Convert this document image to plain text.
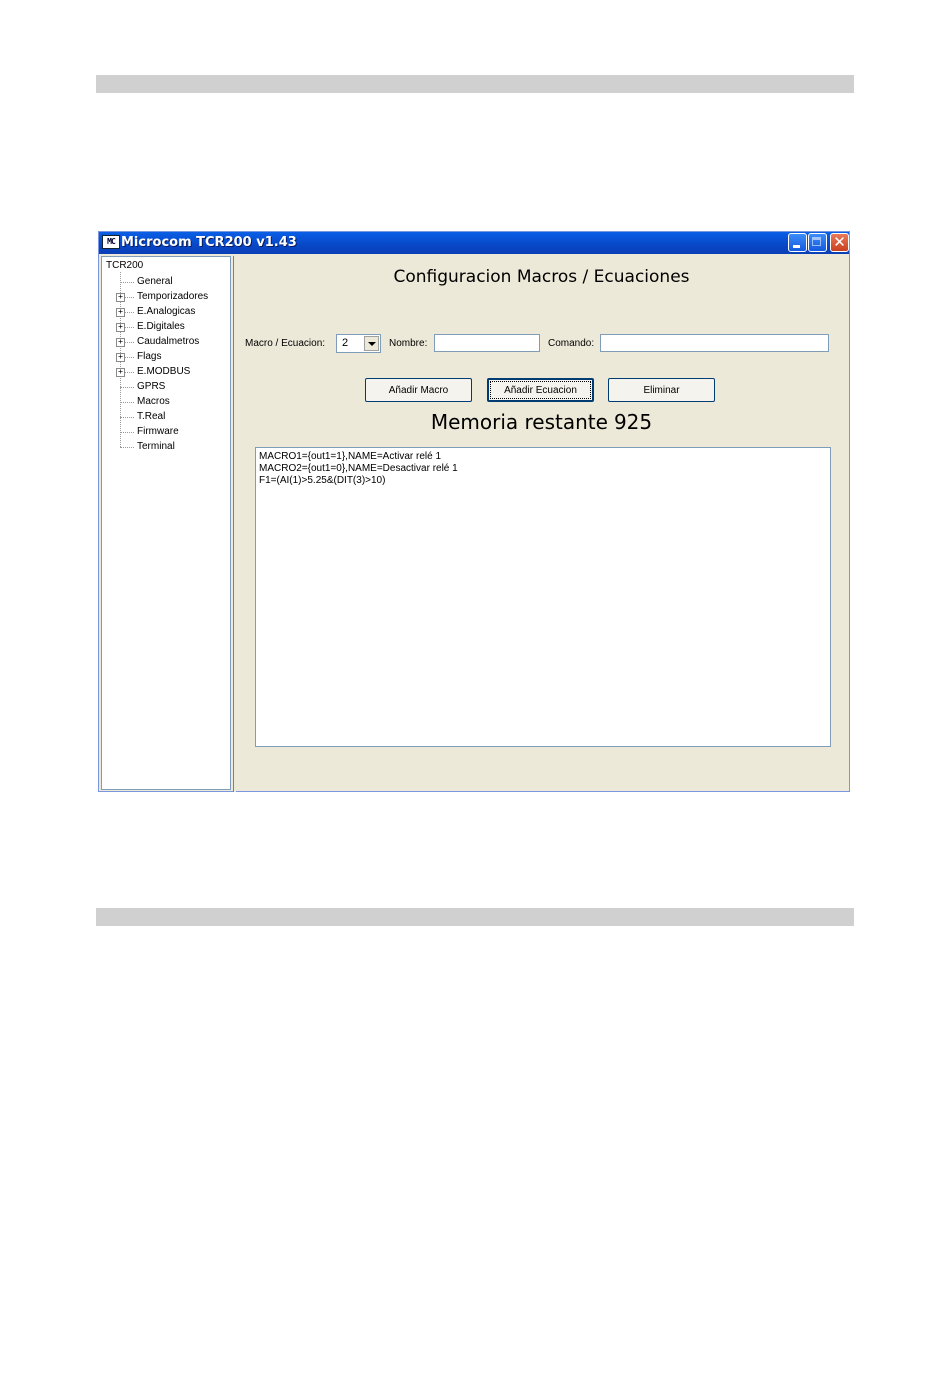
MC Microcom TCR200 v1.43	✕
TCR200
General
+ Temporizadores
+ E.Analogicas
+ E.Digitales
+ Caudalmetros
+ Flags
+ E.MODBUS
GPRS
Macros
T.Real
Firmware
Terminal
Configuracion Macros / Ecuaciones
Macro / Ecuacion: 2	Nombre:	Comando:
Añadir Macro	Añadir Ecuacion	Eliminar
Memoria restante 925
MACRO1={out1=1},NAME=Activar relé 1
MACRO2={out1=0},NAME=Desactivar relé 1
F1=(AI(1)>5.25&(DIT(3)>10)
